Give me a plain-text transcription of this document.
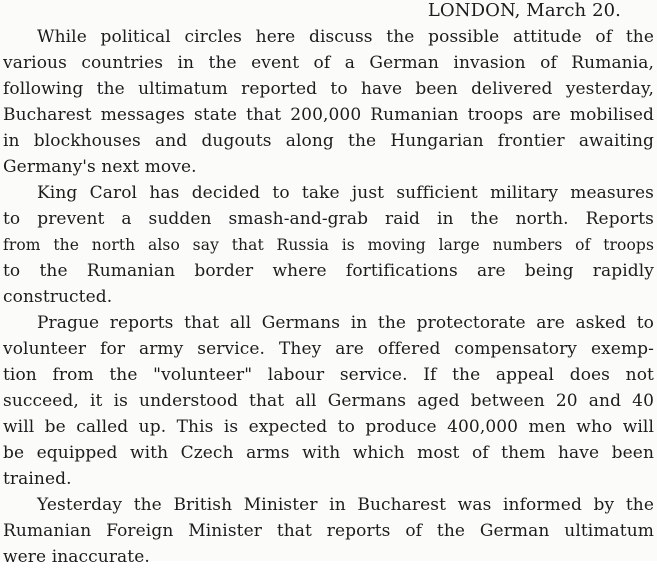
LONDON, March 20.

While political circles here discuss the possible attitude of the
various countries in the event of a German invasion of Rumania,
following the ultimatum reported to have been delivered yesterday,
Bucharest messages state that 200,000 Rumanian troops are mobilised
in blockhouses and dugouts along the Hungarian frontier awaiting
Germany's next move.

King Carol has decided to take just sufficient military measures
to prevent a sudden smash-and-grab raid in the north. Reports
from the north also say that Russia is moving large numbers of troops
to the Rumanian border where fortifications are being rapidly
constructed.

Prague reports that all Germans in the protectorate are asked to
volunteer for army service. They are offered compensatory exemp-
tion from the "volunteer" labour service. If the appeal does not
succeed, it is understood that all Germans aged between 20 and 40
will be called up. This is expected to produce 400,000 men who will
be equipped with Czech arms with which most of them have been
trained.

Yesterday the British Minister in Bucharest was informed by the
Rumanian Foreign Minister that reports of the German ultimatum
were inaccurate.
